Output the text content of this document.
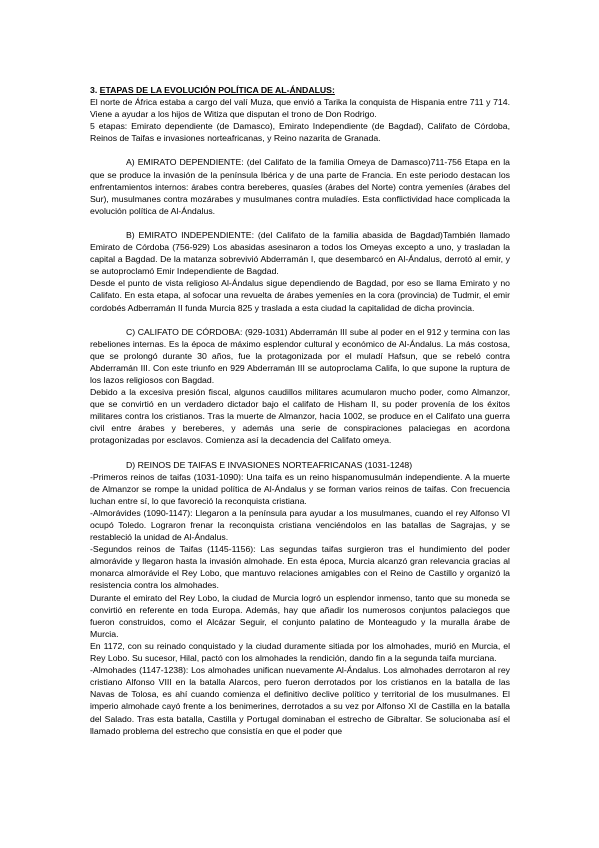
3. ETAPAS DE LA EVOLUCIÓN POLÍTICA DE AL-ÁNDALUS:

El norte de África estaba a cargo del valí Muza, que envió a Tarika la conquista de Hispania entre 711 y 714. Viene a ayudar a los hijos de Witiza que disputan el trono de Don Rodrigo.

5 etapas: Emirato dependiente (de Damasco), Emirato Independiente (de Bagdad), Califato de Córdoba, Reinos de Taifas e invasiones norteafricanas, y Reino nazarita de Granada.

A) EMIRATO DEPENDIENTE: (del Califato de la familia Omeya de Damasco)711-756 Etapa en la que se produce la invasión de la península Ibérica y de una parte de Francia. En este periodo destacan los enfrentamientos internos: árabes contra bereberes, quasíes (árabes del Norte) contra yemeníes (árabes del Sur), musulmanes contra mozárabes y musulmanes contra muladíes. Esta conflictividad hace complicada la evolución política de Al-Ándalus.

B) EMIRATO INDEPENDIENTE: (del Califato de la familia abasida de Bagdad)También llamado Emirato de Córdoba (756-929) Los abasidas asesinaron a todos los Omeyas excepto a uno, y trasladan la capital a Bagdad. De la matanza sobrevivió Abderramán I, que desembarcó en Al-Ándalus, derrotó al emir, y se autoproclamó Emir Independiente de Bagdad.

Desde el punto de vista religioso Al-Ándalus sigue dependiendo de Bagdad, por eso se llama Emirato y no Califato. En esta etapa, al sofocar una revuelta de árabes yemeníes en la cora (provincia) de Tudmir, el emir cordobés Adberramán II funda Murcia 825 y traslada a esta ciudad la capitalidad de dicha provincia.

C) CALIFATO DE CÓRDOBA: (929-1031) Abderramán III sube al poder en el 912 y termina con las rebeliones internas. Es la época de máximo esplendor cultural y económico de Al-Ándalus. La más costosa, que se prolongó durante 30 años, fue la protagonizada por el muladí Hafsun, que se rebeló contra Abderramán III. Con este triunfo en 929 Abderramán III se autoproclama Califa, lo que supone la ruptura de los lazos religiosos con Bagdad.

Debido a la excesiva presión fiscal, algunos caudillos militares acumularon mucho poder, como Almanzor, que se convirtió en un verdadero dictador bajo el califato de Hisham II, su poder provenía de los éxitos militares contra los cristianos. Tras la muerte de Almanzor, hacia 1002, se produce en el Califato una guerra civil entre árabes y bereberes, y además una serie de conspiraciones palaciegas en acordona protagonizadas por esclavos. Comienza así la decadencia del Califato omeya.

D) REINOS DE TAIFAS E INVASIONES NORTEAFRICANAS (1031-1248)

-Primeros reinos de taifas (1031-1090): Una taifa es un reino hispanomusulmán independiente. A la muerte de Almanzor se rompe la unidad política de Al-Ándalus y se forman varios reinos de taifas. Con frecuencia luchan entre sí, lo que favoreció la reconquista cristiana.

-Almorávides (1090-1147): Llegaron a la península para ayudar a los musulmanes, cuando el rey Alfonso VI ocupó Toledo. Lograron frenar la reconquista cristiana venciéndolos en las batallas de Sagrajas, y se restableció la unidad de Al-Ándalus.

-Segundos reinos de Taifas (1145-1156): Las segundas taifas surgieron tras el hundimiento del poder almorávide y llegaron hasta la invasión almohade. En esta época, Murcia alcanzó gran relevancia gracias al monarca almorávide el Rey Lobo, que mantuvo relaciones amigables con el Reino de Castillo y organizó la resistencia contra los almohades.

Durante el emirato del Rey Lobo, la ciudad de Murcia logró un esplendor inmenso, tanto que su moneda se convirtió en referente en toda Europa. Además, hay que añadir los numerosos conjuntos palaciegos que fueron construidos, como el Alcázar Seguir, el conjunto palatino de Monteagudo y la muralla árabe de Murcia.

En 1172, con su reinado conquistado y la ciudad duramente sitiada por los almohades, murió en Murcia, el Rey Lobo. Su sucesor, Hilal, pactó con los almohades la rendición, dando fin a la segunda taifa murciana.

-Almohades (1147-1238): Los almohades unifican nuevamente Al-Ándalus. Los almohades derrotaron al rey cristiano Alfonso VIII en la batalla Alarcos, pero fueron derrotados por los cristianos en la batalla de las Navas de Tolosa, es ahí cuando comienza el definitivo declive político y territorial de los musulmanes. El imperio almohade cayó frente a los benimerines, derrotados a su vez por Alfonso XI de Castilla en la batalla del Salado. Tras esta batalla, Castilla y Portugal dominaban el estrecho de Gibraltar. Se solucionaba así el llamado problema del estrecho que consistía en que el poder que
